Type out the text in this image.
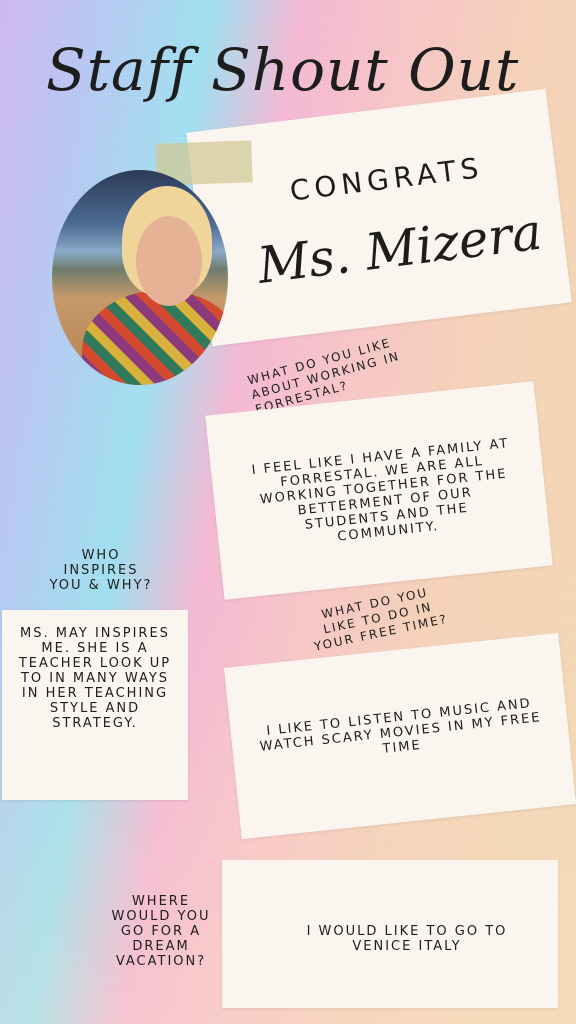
Staff Shout Out
CONGRATS
Ms. Mizera
WHAT DO YOU LIKE ABOUT WORKING IN FORRESTAL?
I FEEL LIKE I HAVE A FAMILY AT FORRESTAL. WE ARE ALL WORKING TOGETHER FOR THE BETTERMENT OF OUR STUDENTS AND THE COMMUNITY.
WHO INSPIRES YOU & WHY?
MS. MAY INSPIRES ME. SHE IS A TEACHER LOOK UP TO IN MANY WAYS IN HER TEACHING STYLE AND STRATEGY.
WHAT DO YOU LIKE TO DO IN YOUR FREE TIME?
I LIKE TO LISTEN TO MUSIC AND WATCH SCARY MOVIES IN MY FREE TIME
WHERE WOULD YOU GO FOR A DREAM VACATION?
I WOULD LIKE TO GO TO VENICE ITALY
